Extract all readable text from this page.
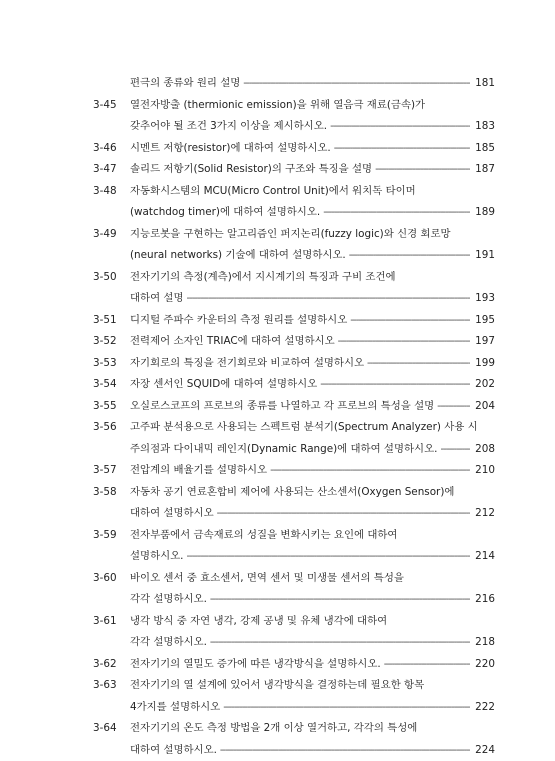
편극의 종류와 원리 설명 -----	181
3-45	열전자방출 (thermionic emission)을 위해 열음극 재료(금속)가
갖추어야 될 조건 3가지 이상을 제시하시오. -----	183
3-46	시멘트 저항(resistor)에 대하여 설명하시오. -----	185
3-47	솔리드 저항기(Solid Resistor)의 구조와 특징을 설명 -----	187
3-48	자동화시스템의 MCU(Micro Control Unit)에서 워치독 타이머
(watchdog timer)에 대하여 설명하시오. -----	189
3-49	지능로봇을 구현하는 알고리즘인 퍼지논리(fuzzy logic)와 신경 회로망
(neural networks) 기술에 대하여 설명하시오. -----	191
3-50	전자기기의 측정(계측)에서 지시계기의 특징과 구비 조건에
대하여 설명 -----	193
3-51	디지털 주파수 카운터의 측정 원리를 설명하시오 -----	195
3-52	전력제어 소자인 TRIAC에 대하여 설명하시오 -----	197
3-53	자기회로의 특징을 전기회로와 비교하여 설명하시오 -----	199
3-54	자장 센서인 SQUID에 대하여 설명하시오 -----	202
3-55	오실로스코프의 프로브의 종류를 나열하고 각 프로브의 특성을 설명 -----	204
3-56	고주파 분석용으로 사용되는 스펙트럼 분석기(Spectrum Analyzer) 사용 시
주의점과 다이내믹 레인지(Dynamic Range)에 대하여 설명하시오. -----	208
3-57	전압계의 배율기를 설명하시오 -----	210
3-58	자동차 공기 연료혼합비 제어에 사용되는 산소센서(Oxygen Sensor)에
대하여 설명하시오 -----	212
3-59	전자부품에서 금속재료의 성질을 변화시키는 요인에 대하여
설명하시오. -----	214
3-60	바이오 센서 중 효소센서, 면역 센서 및 미생물 센서의 특성을
각각 설명하시오. -----	216
3-61	냉각 방식 중 자연 냉각, 강제 공냉 및 유체 냉각에 대하여
각각 설명하시오. -----	218
3-62	전자기기의 열밀도 증가에 따른 냉각방식을 설명하시오. -----	220
3-63	전자기기의 열 설계에 있어서 냉각방식을 결정하는데 필요한 항목
4가지를 설명하시오 -----	222
3-64	전자기기의 온도 측정 방법을 2개 이상 열거하고, 각각의 특성에
대하여 설명하시오. -----	224
